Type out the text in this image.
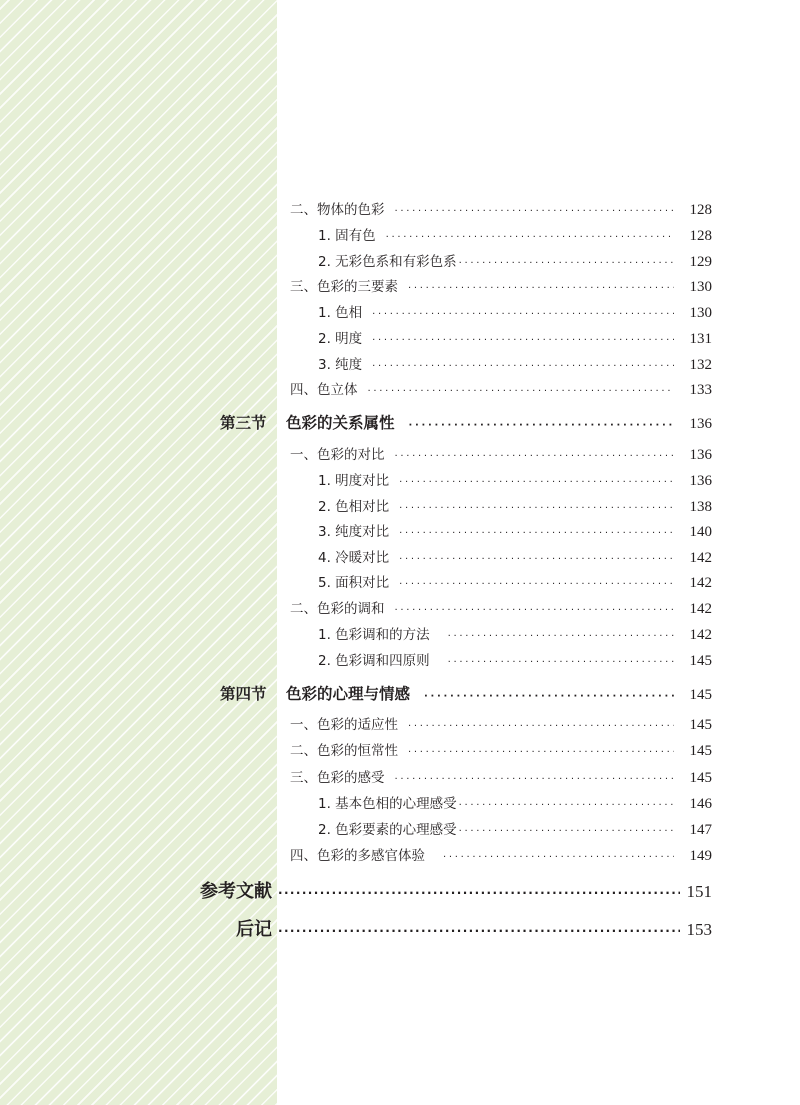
二、物体的色彩 ·····	128
1. 固有色 ·····	128
2. 无彩色系和有彩色系 ·····	129
三、色彩的三要素 ·····	130
1. 色相 ·····	130
2. 明度 ·····	131
3. 纯度 ·····	132
四、色立体 ·····	133
第三节	色彩的关系属性 ·····	136
一、色彩的对比 ·····	136
1. 明度对比 ·····	136
2. 色相对比 ·····	138
3. 纯度对比 ·····	140
4. 冷暖对比 ·····	142
5. 面积对比 ·····	142
二、色彩的调和 ·····	142
1. 色彩调和的方法 ·····	142
2. 色彩调和四原则 ·····	145
第四节	色彩的心理与情感 ·····	145
一、色彩的适应性 ·····	145
二、色彩的恒常性 ·····	145
三、色彩的感受 ·····	145
1. 基本色相的心理感受 ·····	146
2. 色彩要素的心理感受 ·····	147
四、色彩的多感官体验 ·····	149
参考文献 ·····	151
后记 ·····	153
